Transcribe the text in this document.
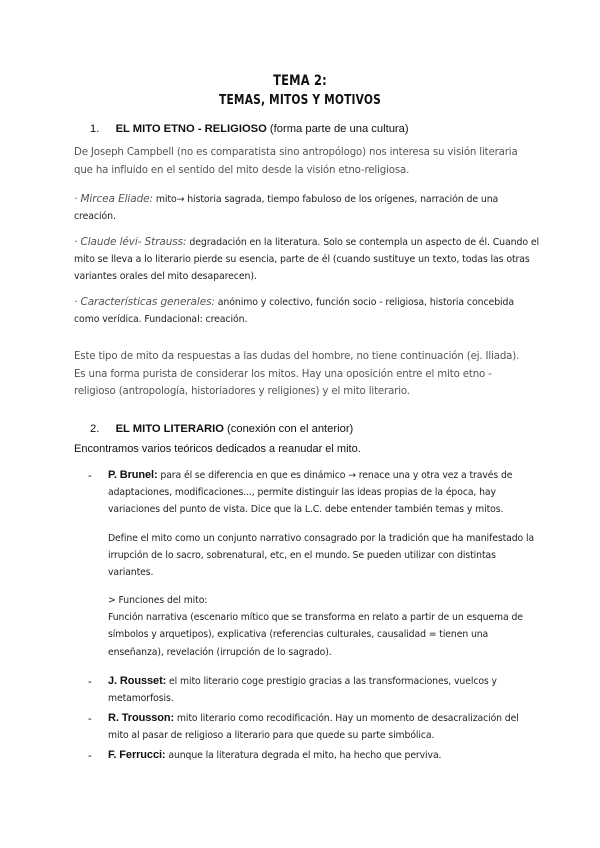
TEMA 2:
TEMAS, MITOS Y MOTIVOS
1. EL MITO ETNO - RELIGIOSO (forma parte de una cultura)
De Joseph Campbell (no es comparatista sino antropólogo) nos interesa su visión literaria
que ha influido en el sentido del mito desde la visión etno-religiosa.
· Mircea Eliade: mito→ historia sagrada, tiempo fabuloso de los orígenes, narración de una
creación.
· Claude lévi- Strauss: degradación en la literatura. Solo se contempla un aspecto de él. Cuando el
mito se lleva a lo literario pierde su esencia, parte de él (cuando sustituye un texto, todas las otras
variantes orales del mito desaparecen).
· Características generales: anónimo y colectivo, función socio - religiosa, historia concebida
como verídica. Fundacional: creación.
Este tipo de mito da respuestas a las dudas del hombre, no tiene continuación (ej. Iliada).
Es una forma purista de considerar los mitos. Hay una oposición entre el mito etno -
religioso (antropología, historiadores y religiones) y el mito literario.
2. EL MITO LITERARIO (conexión con el anterior)
Encontramos varios teóricos dedicados a reanudar el mito.
- P. Brunel: para él se diferencia en que es dinámico → renace una y otra vez a través de
adaptaciones, modificaciones..., permite distinguir las ideas propias de la época, hay
variaciones del punto de vista. Dice que la L.C. debe entender también temas y mitos.
Define el mito como un conjunto narrativo consagrado por la tradición que ha manifestado la
irrupción de lo sacro, sobrenatural, etc, en el mundo. Se pueden utilizar con distintas
variantes.
> Funciones del mito:
Función narrativa (escenario mítico que se transforma en relato a partir de un esquema de
símbolos y arquetipos), explicativa (referencias culturales, causalidad = tienen una
enseñanza), revelación (irrupción de lo sagrado).
- J. Rousset: el mito literario coge prestigio gracias a las transformaciones, vuelcos y
metamorfosis.
- R. Trousson: mito literario como recodificación. Hay un momento de desacralización del
mito al pasar de religioso a literario para que quede su parte simbólica.
- F. Ferrucci: aunque la literatura degrada el mito, ha hecho que perviva.
